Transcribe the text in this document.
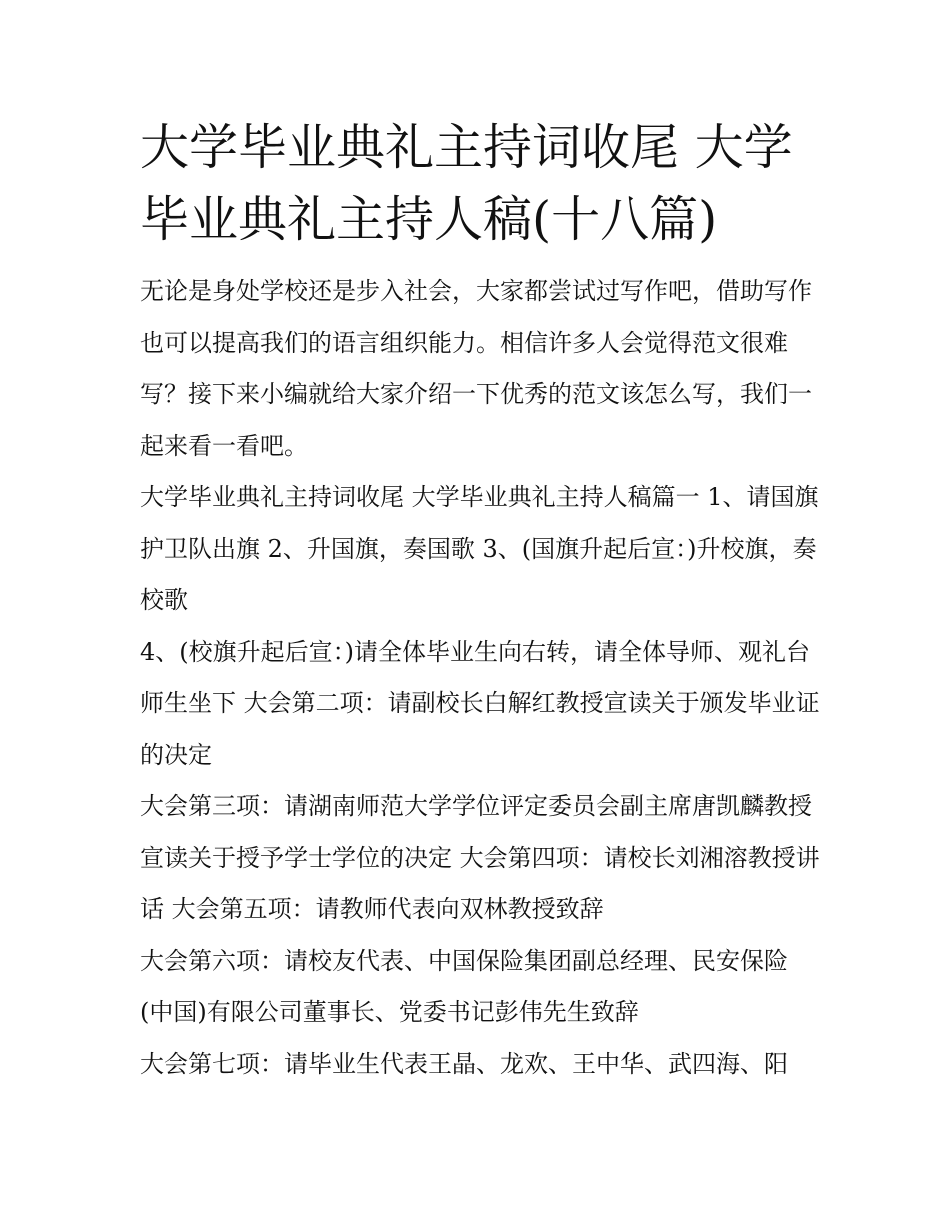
大学毕业典礼主持词收尾 大学毕业典礼主持人稿(十八篇)

无论是身处学校还是步入社会，大家都尝试过写作吧，借助写作也可以提高我们的语言组织能力。相信许多人会觉得范文很难写？接下来小编就给大家介绍一下优秀的范文该怎么写，我们一起来看一看吧。

大学毕业典礼主持词收尾 大学毕业典礼主持人稿篇一 1、请国旗护卫队出旗 2、升国旗，奏国歌 3、(国旗升起后宣：)升校旗，奏校歌

4、(校旗升起后宣：)请全体毕业生向右转，请全体导师、观礼台师生坐下 大会第二项：请副校长白解红教授宣读关于颁发毕业证的决定

大会第三项：请湖南师范大学学位评定委员会副主席唐凯麟教授宣读关于授予学士学位的决定 大会第四项：请校长刘湘溶教授讲话 大会第五项：请教师代表向双林教授致辞

大会第六项：请校友代表、中国保险集团副总经理、民安保险(中国)有限公司董事长、党委书记彭伟先生致辞

大会第七项：请毕业生代表王晶、龙欢、王中华、武四海、阳
